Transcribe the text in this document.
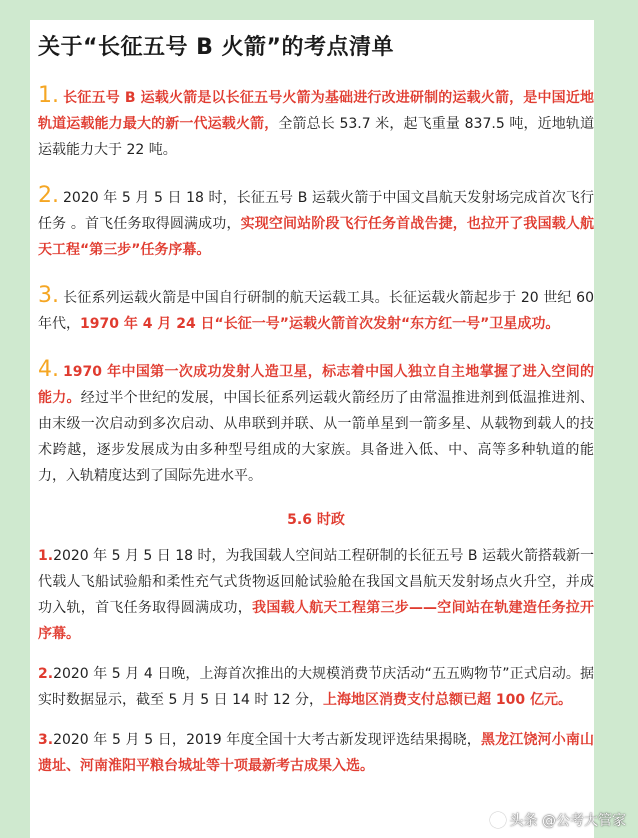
关于“长征五号 B 火箭”的考点清单

1. 长征五号 B 运载火箭是以长征五号火箭为基础进行改进研制的运载火箭，是中国近地轨道运载能力最大的新一代运载火箭，全箭总长 53.7 米，起飞重量 837.5 吨，近地轨道运载能力大于 22 吨。

2. 2020 年 5 月 5 日 18 时，长征五号 B 运载火箭于中国文昌航天发射场完成首次飞行任务 。首飞任务取得圆满成功，实现空间站阶段飞行任务首战告捷，也拉开了我国载人航天工程“第三步”任务序幕。

3. 长征系列运载火箭是中国自行研制的航天运载工具。长征运载火箭起步于 20 世纪 60 年代，1970 年 4 月 24 日“长征一号”运载火箭首次发射“东方红一号”卫星成功。

4. 1970 年中国第一次成功发射人造卫星，标志着中国人独立自主地掌握了进入空间的能力。经过半个世纪的发展，中国长征系列运载火箭经历了由常温推进剂到低温推进剂、由末级一次启动到多次启动、从串联到并联、从一箭单星到一箭多星、从载物到载人的技术跨越，逐步发展成为由多种型号组成的大家族。具备进入低、中、高等多种轨道的能力，入轨精度达到了国际先进水平。

5.6 时政

1.2020 年 5 月 5 日 18 时，为我国载人空间站工程研制的长征五号 B 运载火箭搭载新一代载人飞船试验船和柔性充气式货物返回舱试验舱在我国文昌航天发射场点火升空，并成功入轨，首飞任务取得圆满成功，我国载人航天工程第三步——空间站在轨建造任务拉开序幕。

2.2020 年 5 月 4 日晚，上海首次推出的大规模消费节庆活动“五五购物节”正式启动。据实时数据显示，截至 5 月 5 日 14 时 12 分，上海地区消费支付总额已超 100 亿元。

3.2020 年 5 月 5 日，2019 年度全国十大考古新发现评选结果揭晓，黑龙江饶河小南山遗址、河南淮阳平粮台城址等十项最新考古成果入选。

头条 @公考大管家
